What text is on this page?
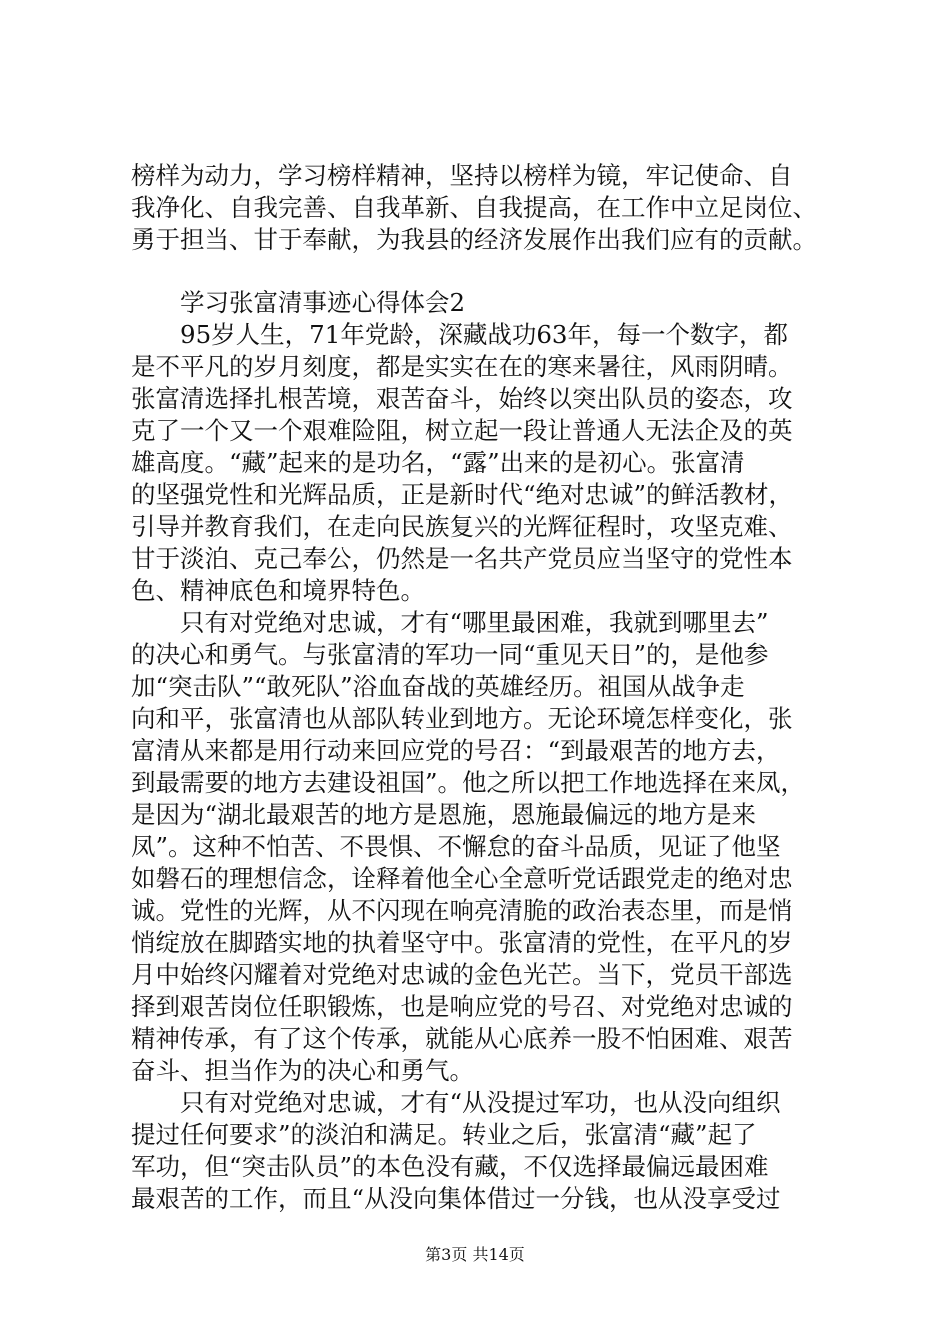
榜样为动力，学习榜样精神，坚持以榜样为镜，牢记使命、自
我净化、自我完善、自我革新、自我提高，在工作中立足岗位、
勇于担当、甘于奉献，为我县的经济发展作出我们应有的贡献。
学习张富清事迹心得体会2
95岁人生，71年党龄，深藏战功63年，每一个数字，都
是不平凡的岁月刻度，都是实实在在的寒来暑往，风雨阴晴。
张富清选择扎根苦境，艰苦奋斗，始终以突出队员的姿态，攻
克了一个又一个艰难险阻，树立起一段让普通人无法企及的英
雄高度。“藏”起来的是功名，“露”出来的是初心。张富清
的坚强党性和光辉品质，正是新时代“绝对忠诚”的鲜活教材，
引导并教育我们，在走向民族复兴的光辉征程时，攻坚克难、
甘于淡泊、克己奉公，仍然是一名共产党员应当坚守的党性本
色、精神底色和境界特色。
只有对党绝对忠诚，才有“哪里最困难，我就到哪里去”
的决心和勇气。与张富清的军功一同“重见天日”的，是他参
加“突击队”“敢死队”浴血奋战的英雄经历。祖国从战争走
向和平，张富清也从部队转业到地方。无论环境怎样变化，张
富清从来都是用行动来回应党的号召：“到最艰苦的地方去，
到最需要的地方去建设祖国”。他之所以把工作地选择在来凤，
是因为“湖北最艰苦的地方是恩施，恩施最偏远的地方是来
凤”。这种不怕苦、不畏惧、不懈怠的奋斗品质，见证了他坚
如磐石的理想信念，诠释着他全心全意听党话跟党走的绝对忠
诚。党性的光辉，从不闪现在响亮清脆的政治表态里，而是悄
悄绽放在脚踏实地的执着坚守中。张富清的党性，在平凡的岁
月中始终闪耀着对党绝对忠诚的金色光芒。当下，党员干部选
择到艰苦岗位任职锻炼，也是响应党的号召、对党绝对忠诚的
精神传承，有了这个传承，就能从心底养一股不怕困难、艰苦
奋斗、担当作为的决心和勇气。
只有对党绝对忠诚，才有“从没提过军功，也从没向组织
提过任何要求”的淡泊和满足。转业之后，张富清“藏”起了
军功，但“突击队员”的本色没有藏，不仅选择最偏远最困难
最艰苦的工作，而且“从没向集体借过一分钱，也从没享受过
第3页 共14页
